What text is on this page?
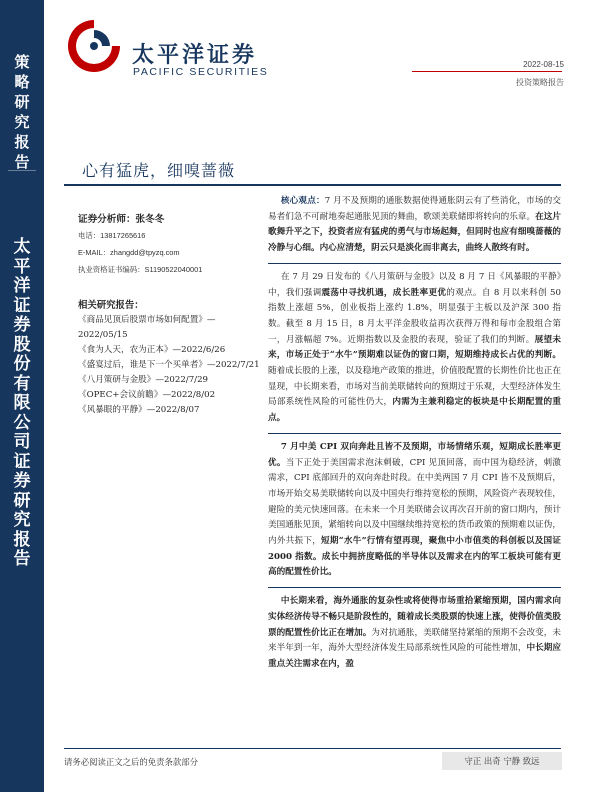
策
略
研
究
报
告
太
平
洋
证
券
股
份
有
限
公
司
证
券
研
究
报
告
太平洋证券
PACIFIC SECURITIES
2022-08-15
投资策略报告
心有猛虎，细嗅蔷薇
证券分析师：张冬冬
电话：13817265616
E-MAIL：zhangdd@tpyzq.com
执业资格证书编码：S1190522040001
相关研究报告：

《商品见顶后股票市场如何配置》—2022/05/15

《食为人天，农为正本》—2022/6/26

《盛宴过后，谁是下一个买单者》—2022/7/21

《八月策研与金股》—2022/7/29

《OPEC+会议前瞻》—2022/8/02

《风暴眼的平静》—2022/8/07

核心观点：7 月不及预期的通胀数据使得通胀阴云有了些消化，市场的交易者们急不可耐地奏起通胀见顶的舞曲，歌颂美联储即将转向的乐章。在这片歌舞升平之下，投资者应有猛虎的勇气与市场起舞，但同时也应有细嗅蔷薇的冷静与心细。内心应清楚，阴云只是淡化而非离去，曲终人散终有时。

在 7 月 29 日发布的《八月策研与金股》以及 8 月 7 日《风暴眼的平静》中，我们强调震荡中寻找机遇，成长胜率更优的观点。自 8 月以来科创 50 指数上涨超 5%，创业板指上涨约 1.8%，明显强于主板以及沪深 300 指数。截至 8 月 15 日，8 月太平洋金股收益再次获得万得和每市金股组合第一，月涨幅超 7%。近期指数以及金股的表现，验证了我们的判断。展望未来，市场正处于“水牛”预期难以证伪的窗口期，短期维持成长占优的判断。随着成长股的上涨，以及稳地产政策的推进，价值股配置的长期性价比也正在显现，中长期来看，市场对当前美联储转向的预期过于乐观，大型经济体发生局部系统性风险的可能性仍大，内需为主兼利稳定的板块是中长期配置的重点。

7 月中美 CPI 双向奔赴且皆不及预期，市场情绪乐观，短期成长胜率更优。当下正处于美国需求泡沫刺破，CPI 见顶回落，而中国为稳经济，刺激需求，CPI 底部回升的双向奔赴时段。在中美两国 7 月 CPI 皆不及预期后，市场开始交易美联储转向以及中国央行维持宽松的预期，风险资产表现较佳，避险的美元快速回落。在未来一个月美联储会议再次召开前的窗口期内，预计美国通胀见顶，紧缩转向以及中国继续维持宽松的货币政策的预期难以证伪，内外共振下，短期“水牛”行情有望再现，聚焦中小市值类的科创板以及国证 2000 指数。成长中拥挤度略低的半导体以及需求在内的军工板块可能有更高的配置性价比。

中长期来看，海外通胀的复杂性或将使得市场重拾紧缩预期，国内需求向实体经济传导不畅只是阶段性的，随着成长类股票的快速上涨，使得价值类股票的配置性价比正在增加。为对抗通胀，美联储坚持紧缩的预期不会改变，未来半年到一年，海外大型经济体发生局部系统性风险的可能性增加，中长期应重点关注需求在内，盈

请务必阅读正文之后的免责条款部分	守正 出奇 宁静 致远
